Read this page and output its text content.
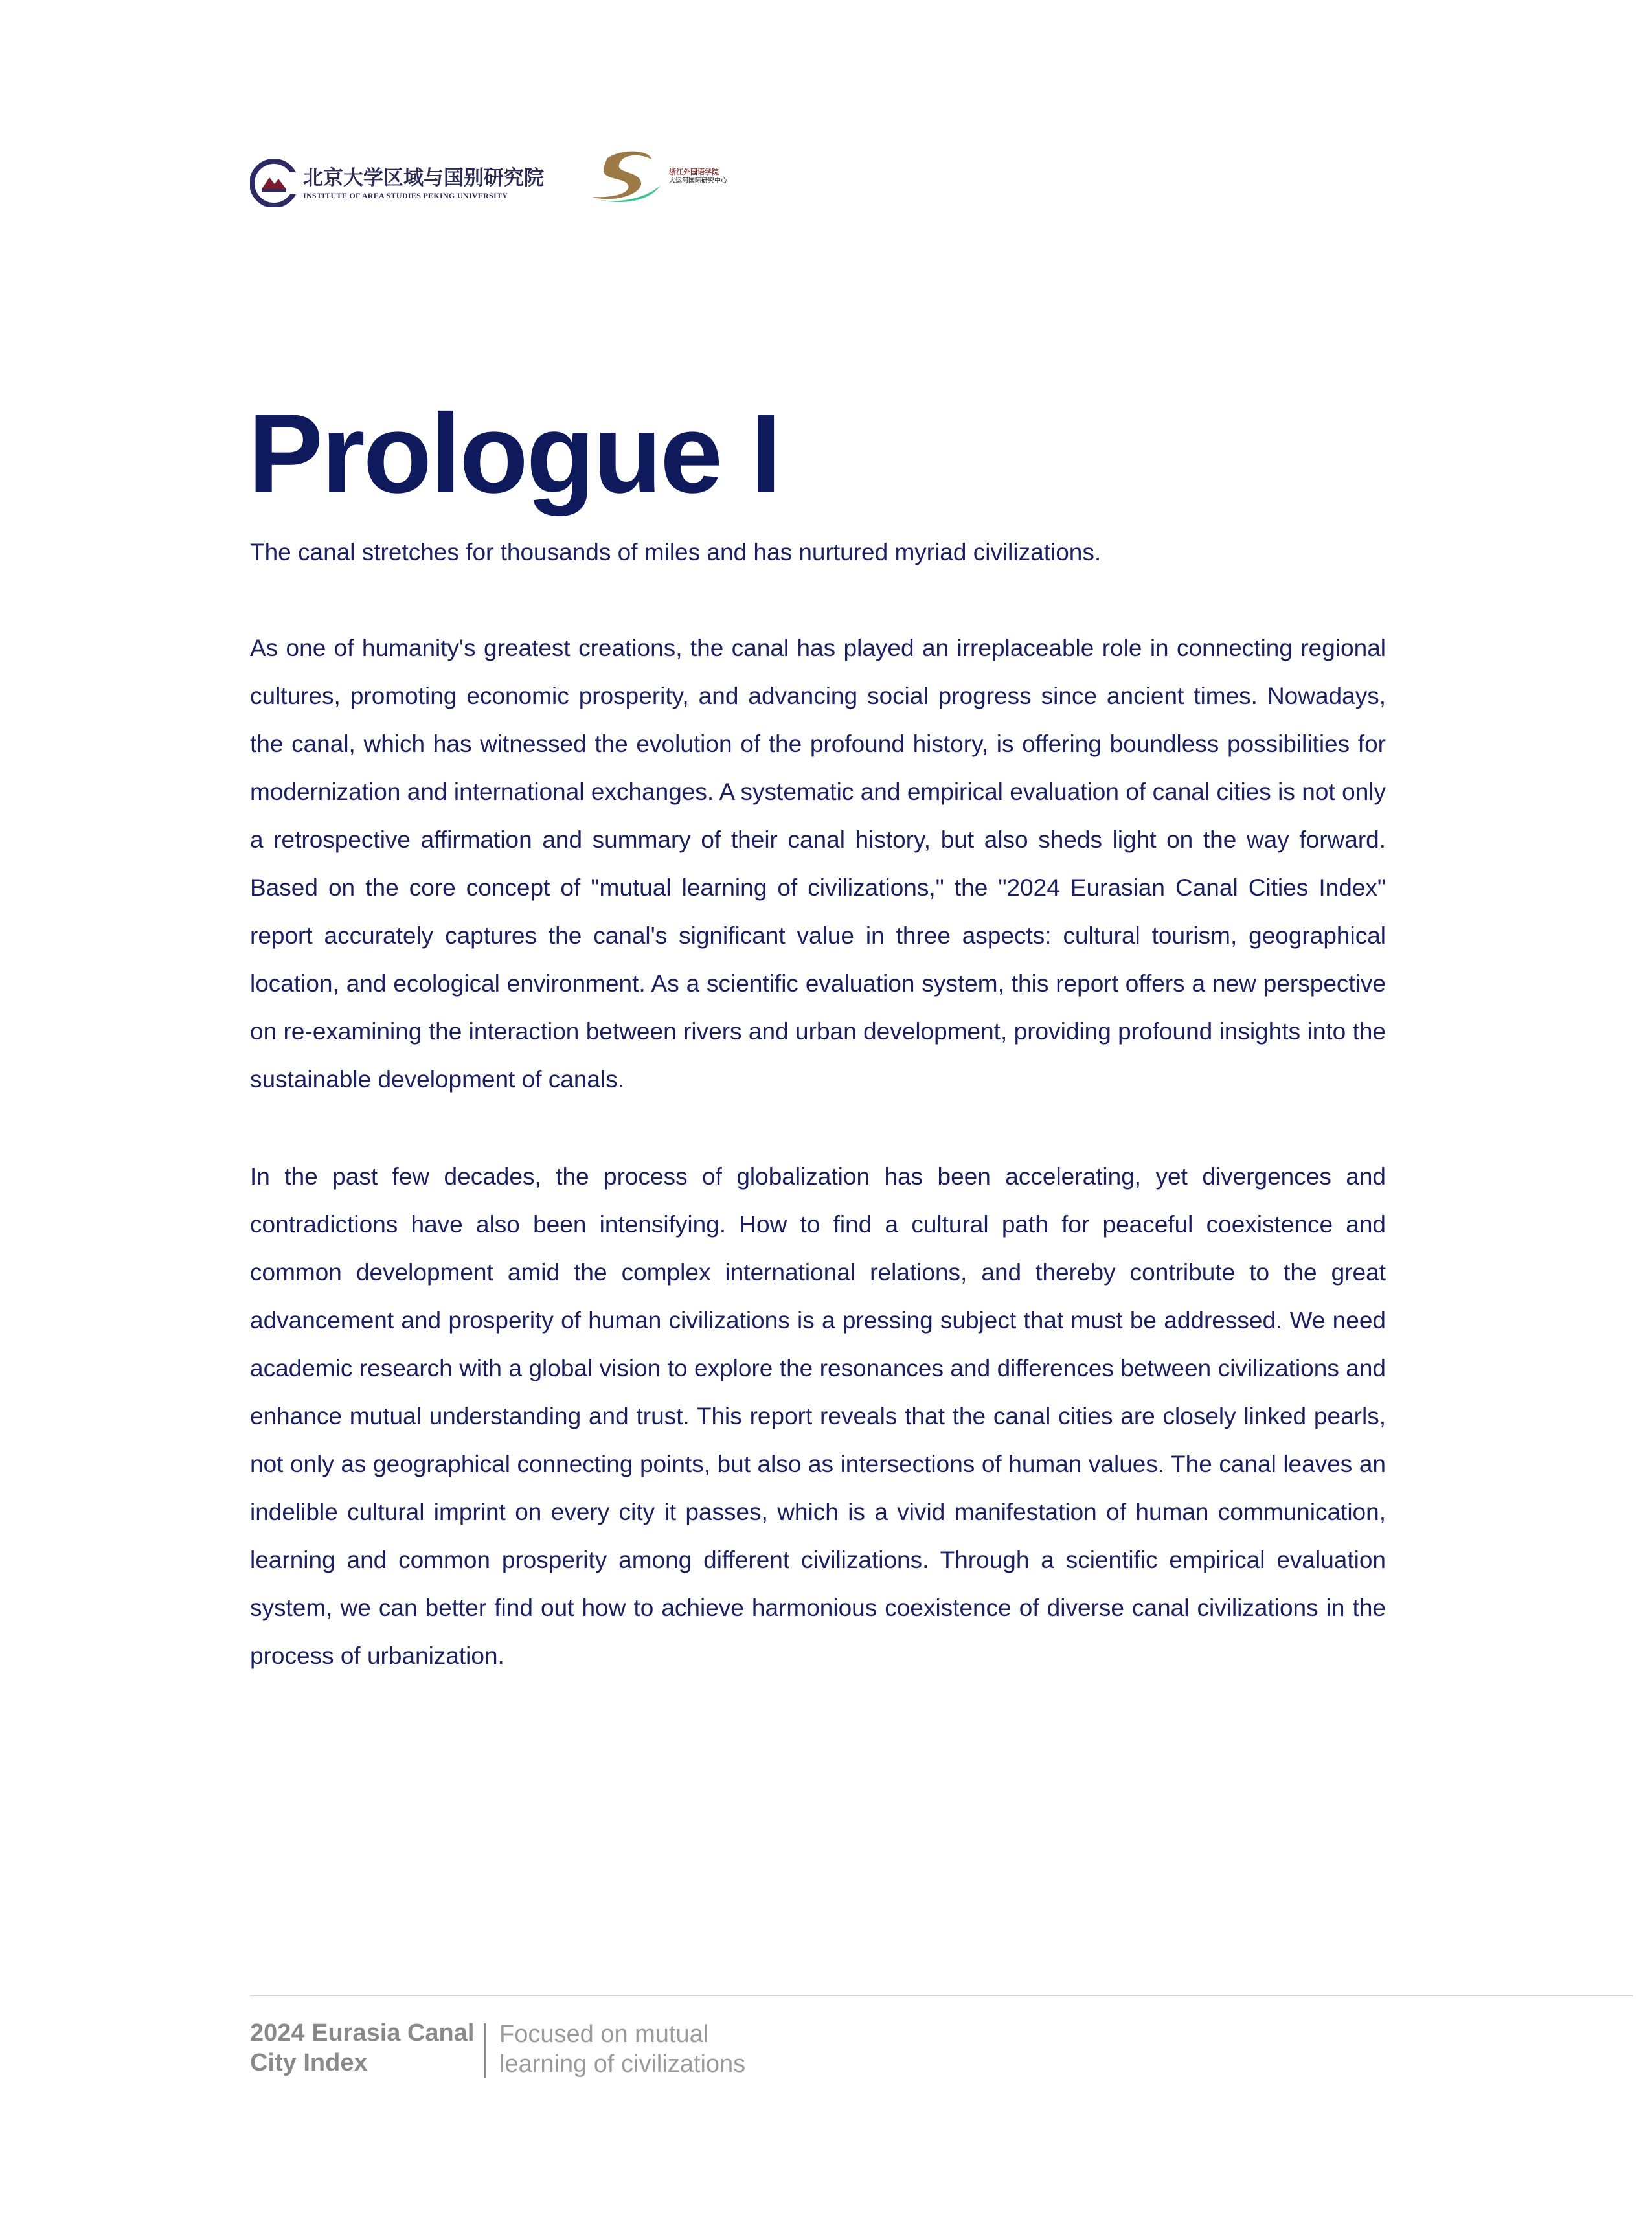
北京大学区域与国别研究院
INSTITUTE OF AREA STUDIES PEKING UNIVERSITY
浙江外国语学院
大运河国际研究中心
Prologue I

The canal stretches for thousands of miles and has nurtured myriad civilizations.

As one of humanity's greatest creations, the canal has played an irreplaceable role in connecting regional cultures, promoting economic prosperity, and advancing social progress since ancient times. Nowadays, the canal, which has witnessed the evolution of the profound history, is offering boundless possibilities for modernization and international exchanges. A systematic and empirical evaluation of canal cities is not only a retrospective affirmation and summary of their canal history, but also sheds light on the way forward. Based on the core concept of "mutual learning of civilizations," the "2024 Eurasian Canal Cities Index" report accurately captures the canal's significant value in three aspects: cultural tourism, geographical location, and ecological environment. As a scientific evaluation system, this report offers a new perspective on re-examining the interaction between rivers and urban development, providing profound insights into the sustainable development of canals.

In the past few decades, the process of globalization has been accelerating, yet divergences and contradictions have also been intensifying. How to find a cultural path for peaceful coexistence and common development amid the complex international relations, and thereby contribute to the great advancement and prosperity of human civilizations is a pressing subject that must be addressed. We need academic research with a global vision to explore the resonances and differences between civilizations and enhance mutual understanding and trust. This report reveals that the canal cities are closely linked pearls, not only as geographical connecting points, but also as intersections of human values. The canal leaves an indelible cultural imprint on every city it passes, which is a vivid manifestation of human communication, learning and common prosperity among different civilizations. Through a scientific empirical evaluation system, we can better find out how to achieve harmonious coexistence of diverse canal civilizations in the process of urbanization.

2024 Eurasia Canal
City Index
Focused on mutual
learning of civilizations
